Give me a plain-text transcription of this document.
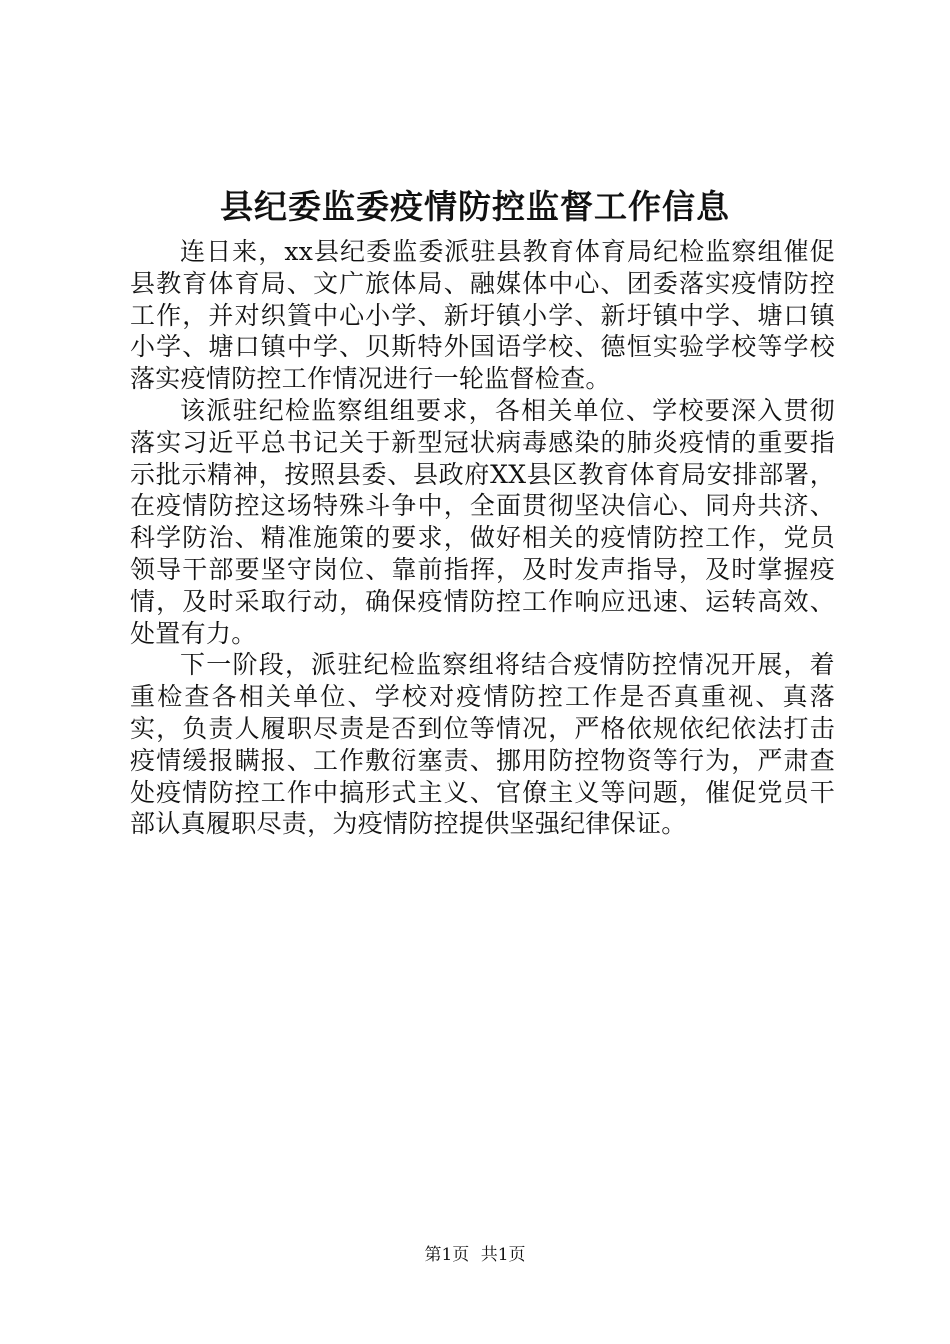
县纪委监委疫情防控监督工作信息

连日来，xx县纪委监委派驻县教育体育局纪检监察组催促县教育体育局、文广旅体局、融媒体中心、团委落实疫情防控工作，并对织篢中心小学、新圩镇小学、新圩镇中学、塘口镇小学、塘口镇中学、贝斯特外国语学校、德恒实验学校等学校落实疫情防控工作情况进行一轮监督检查。

该派驻纪检监察组组要求，各相关单位、学校要深入贯彻落实习近平总书记关于新型冠状病毒感染的肺炎疫情的重要指示批示精神，按照县委、县政府XX县区教育体育局安排部署，在疫情防控这场特殊斗争中，全面贯彻坚决信心、同舟共济、科学防治、精准施策的要求，做好相关的疫情防控工作，党员领导干部要坚守岗位、靠前指挥，及时发声指导，及时掌握疫情，及时采取行动，确保疫情防控工作响应迅速、运转高效、处置有力。

下一阶段，派驻纪检监察组将结合疫情防控情况开展，着重检查各相关单位、学校对疫情防控工作是否真重视、真落实，负责人履职尽责是否到位等情况，严格依规依纪依法打击疫情缓报瞒报、工作敷衍塞责、挪用防控物资等行为，严肃查处疫情防控工作中搞形式主义、官僚主义等问题，催促党员干部认真履职尽责，为疫情防控提供坚强纪律保证。

第1页 共1页
